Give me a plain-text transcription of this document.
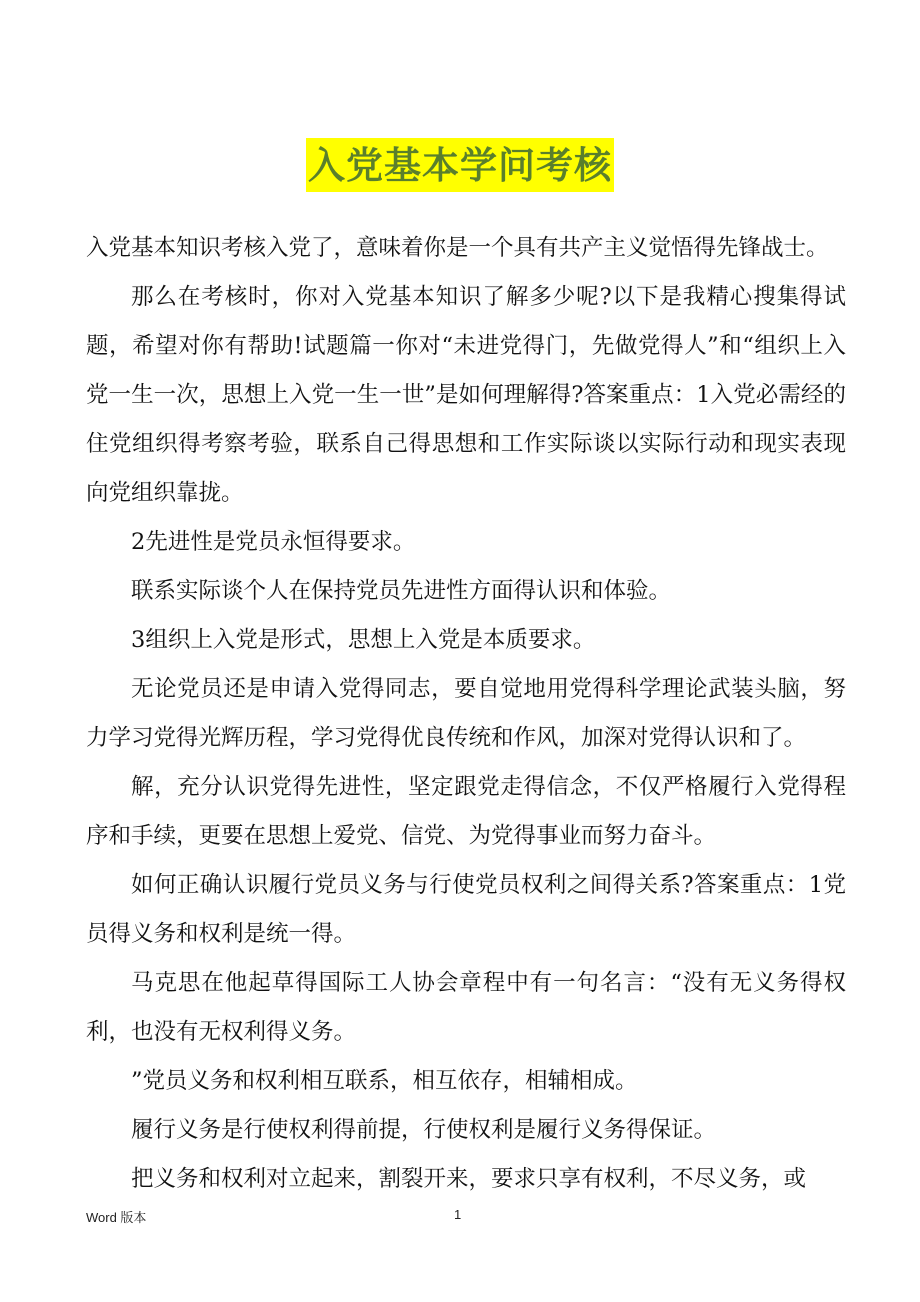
入党基本学问考核

入党基本知识考核入党了，意味着你是一个具有共产主义觉悟得先锋战士。

那么在考核时，你对入党基本知识了解多少呢?以下是我精心搜集得试题，希望对你有帮助!试题篇一你对“未进党得门，先做党得人”和“组织上入党一生一次，思想上入党一生一世”是如何理解得?答案重点：1入党必需经的住党组织得考察考验，联系自己得思想和工作实际谈以实际行动和现实表现向党组织靠拢。

2先进性是党员永恒得要求。

联系实际谈个人在保持党员先进性方面得认识和体验。

3组织上入党是形式，思想上入党是本质要求。

无论党员还是申请入党得同志，要自觉地用党得科学理论武装头脑，努力学习党得光辉历程，学习党得优良传统和作风，加深对党得认识和了。

解，充分认识党得先进性，坚定跟党走得信念，不仅严格履行入党得程序和手续，更要在思想上爱党、信党、为党得事业而努力奋斗。

如何正确认识履行党员义务与行使党员权利之间得关系?答案重点：1党员得义务和权利是统一得。

马克思在他起草得国际工人协会章程中有一句名言：“没有无义务得权利，也没有无权利得义务。

”党员义务和权利相互联系，相互依存，相辅相成。

履行义务是行使权利得前提，行使权利是履行义务得保证。

把义务和权利对立起来，割裂开来，要求只享有权利，不尽义务，或

Word 版本	1
